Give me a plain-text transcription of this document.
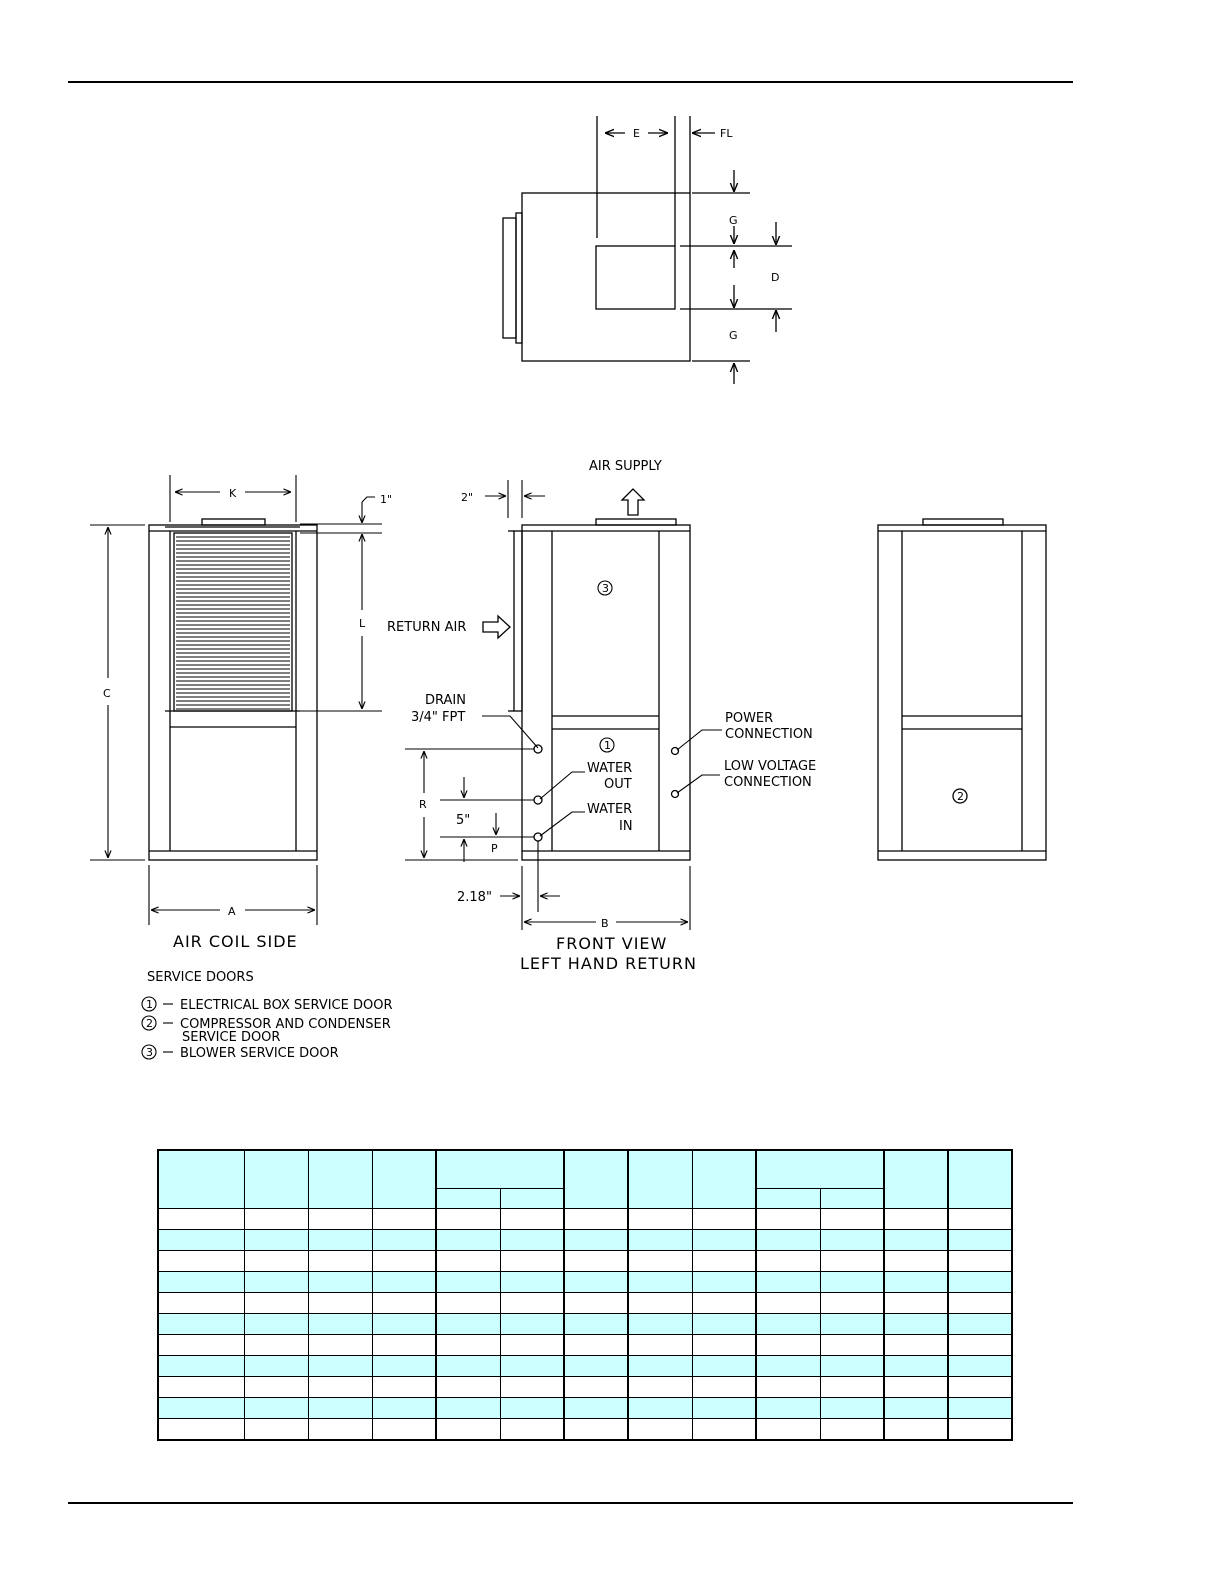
E	FL
G
D
G
K	1"
L
C
A
AIR COIL SIDE
AIR SUPPLY
2"
RETURN AIR
DRAIN
3/4" FPT
WATER
OUT
WATER
IN
POWER
CONNECTION
LOW VOLTAGE
CONNECTION
R
5"
P
2.18"
B
FRONT VIEW
LEFT HAND RETURN
3
1
2
SERVICE DOORS
1
2
3
ELECTRICAL BOX SERVICE DOOR
COMPRESSOR AND CONDENSER
SERVICE DOOR
BLOWER SERVICE DOOR
